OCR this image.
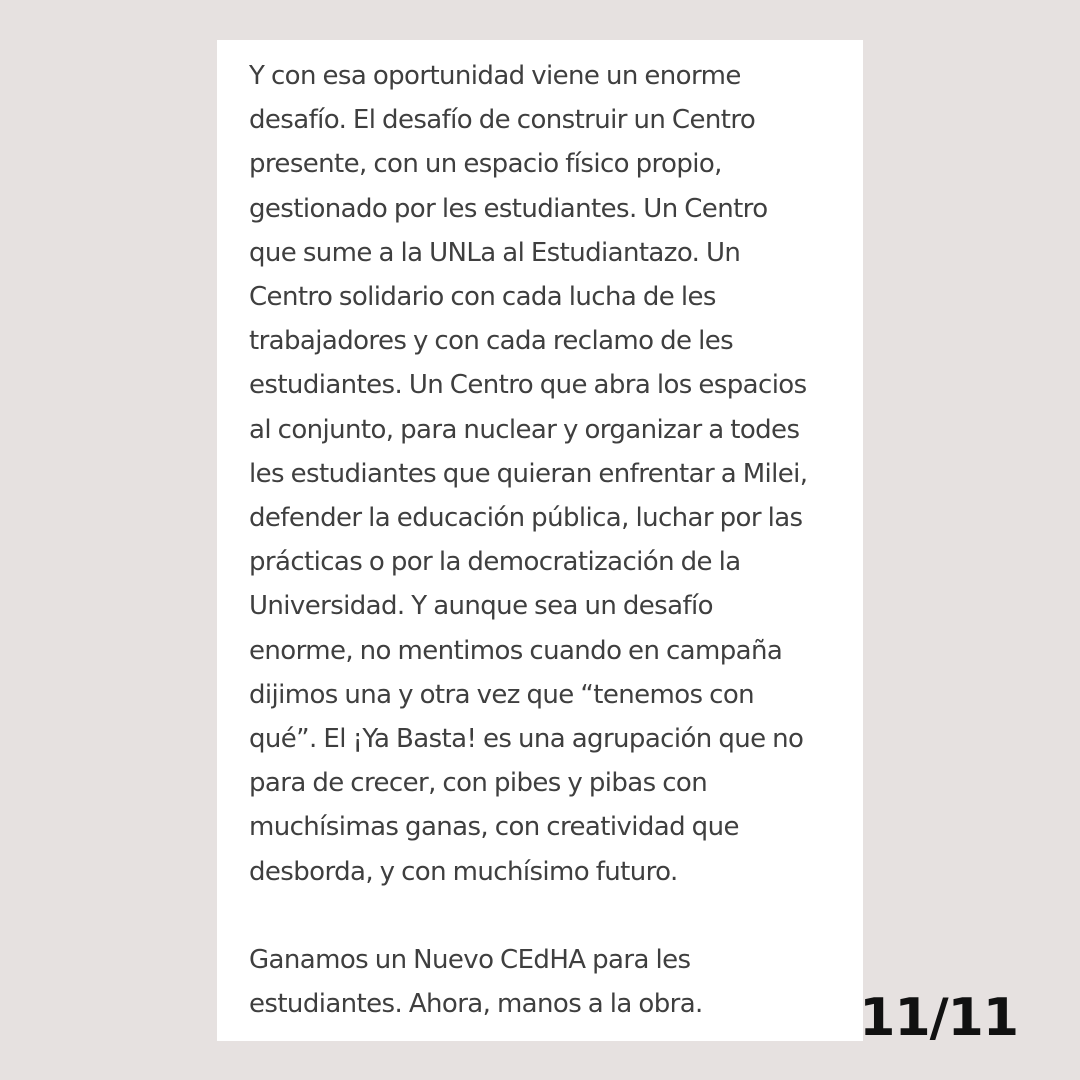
Y con esa oportunidad viene un enorme
desafío. El desafío de construir un Centro
presente, con un espacio físico propio,
gestionado por les estudiantes. Un Centro
que sume a la UNLa al Estudiantazo. Un
Centro solidario con cada lucha de les
trabajadores y con cada reclamo de les
estudiantes. Un Centro que abra los espacios
al conjunto, para nuclear y organizar a todes
les estudiantes que quieran enfrentar a Milei,
defender la educación pública, luchar por las
prácticas o por la democratización de la
Universidad. Y aunque sea un desafío
enorme, no mentimos cuando en campaña
dijimos una y otra vez que “tenemos con
qué”. El ¡Ya Basta! es una agrupación que no
para de crecer, con pibes y pibas con
muchísimas ganas, con creatividad que
desborda, y con muchísimo futuro.

Ganamos un Nuevo CEdHA para les
estudiantes. Ahora, manos a la obra.	11/11
